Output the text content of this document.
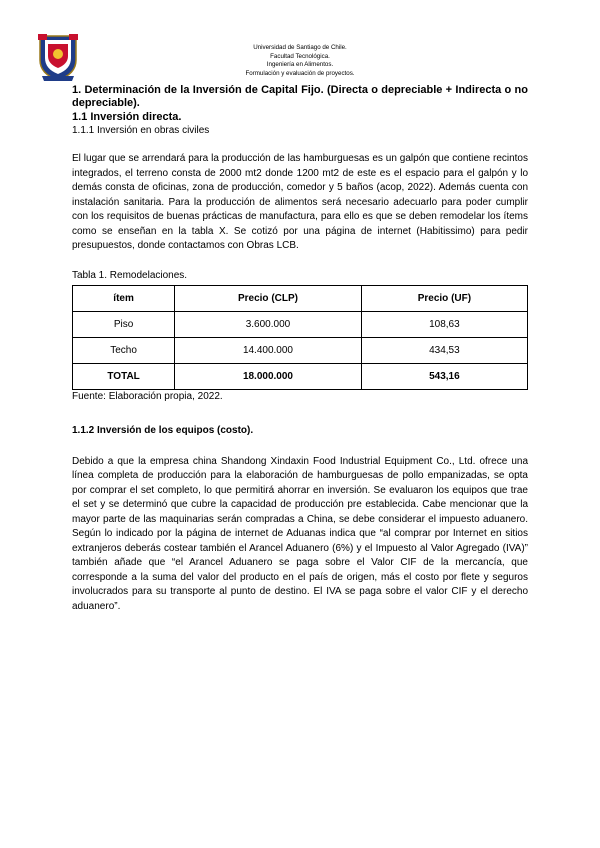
Universidad de Santiago de Chile.
Facultad Tecnológica.
Ingeniería en Alimentos.
Formulación y evaluación de proyectos.

1. Determinación de la Inversión de Capital Fijo. (Directa o depreciable + Indirecta o no depreciable).

1.1 Inversión directa.

1.1.1 Inversión en obras civiles

El lugar que se arrendará para la producción de las hamburguesas es un galpón que contiene recintos integrados, el terreno consta de 2000 mt2 donde 1200 mt2 de este es el espacio para el galpón y lo demás consta de oficinas, zona de producción, comedor y 5 baños (acop, 2022). Además cuenta con instalación sanitaria. Para la producción de alimentos será necesario adecuarlo para poder cumplir con los requisitos de buenas prácticas de manufactura, para ello es que se deben remodelar los ítems como se enseñan en la tabla X. Se cotizó por una página de internet (Habitissimo) para pedir presupuestos, donde contactamos con Obras LCB.

Tabla 1. Remodelaciones.
ítem	Precio (CLP)	Precio (UF)
Piso	3.600.000	108,63
Techo	14.400.000	434,53
TOTAL	18.000.000	543,16
Fuente: Elaboración propia, 2022.
1.1.2 Inversión de los equipos (costo).

Debido a que la empresa china Shandong Xindaxin Food Industrial Equipment Co., Ltd. ofrece una línea completa de producción para la elaboración de hamburguesas de pollo empanizadas, se opta por comprar el set completo, lo que permitirá ahorrar en inversión. Se evaluaron los equipos que trae el set y se determinó que cubre la capacidad de producción pre establecida. Cabe mencionar que la mayor parte de las maquinarias serán compradas a China, se debe considerar el impuesto aduanero. Según lo indicado por la página de internet de Aduanas indica que “al comprar por Internet en sitios extranjeros deberás costear también el Arancel Aduanero (6%) y el Impuesto al Valor Agregado (IVA)” también añade que “el Arancel Aduanero se paga sobre el Valor CIF de la mercancía, que corresponde a la suma del valor del producto en el país de origen, más el costo por flete y seguros involucrados para su transporte al punto de destino. El IVA se paga sobre el valor CIF y el derecho aduanero”.
